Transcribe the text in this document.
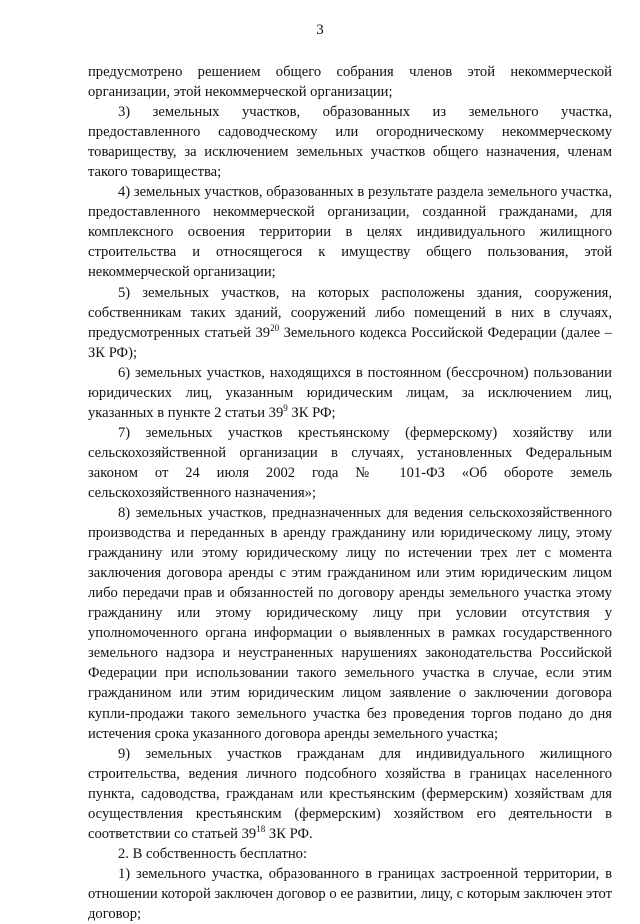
3

предусмотрено решением общего собрания членов этой некоммерческой организации, этой некоммерческой организации;

3) земельных участков, образованных из земельного участка, предоставленного садоводческому или огородническому некоммерческому товариществу, за исключением земельных участков общего назначения, членам такого товарищества;

4) земельных участков, образованных в результате раздела земельного участка, предоставленного некоммерческой организации, созданной гражданами, для комплексного освоения территории в целях индивидуального жилищного строительства и относящегося к имуществу общего пользования, этой некоммерческой организации;

5) земельных участков, на которых расположены здания, сооружения, собственникам таких зданий, сооружений либо помещений в них в случаях, предусмотренных статьей $39^{20}$ Земельного кодекса Российской Федерации (далее – ЗК РФ);

6) земельных участков, находящихся в постоянном (бессрочном) пользовании юридических лиц, указанным юридическим лицам, за исключением лиц, указанных в пункте 2 статьи $39^9$ ЗК РФ;

7) земельных участков крестьянскому (фермерскому) хозяйству или сельскохозяйственной организации в случаях, установленных Федеральным законом от 24 июля 2002 года № 101-ФЗ «Об обороте земель сельскохозяйственного назначения»;

8) земельных участков, предназначенных для ведения сельскохозяйственного производства и переданных в аренду гражданину или юридическому лицу, этому гражданину или этому юридическому лицу по истечении трех лет с момента заключения договора аренды с этим гражданином или этим юридическим лицом либо передачи прав и обязанностей по договору аренды земельного участка этому гражданину или этому юридическому лицу при условии отсутствия у уполномоченного органа информации о выявленных в рамках государственного земельного надзора и неустраненных нарушениях законодательства Российской Федерации при использовании такого земельного участка в случае, если этим гражданином или этим юридическим лицом заявление о заключении договора купли-продажи такого земельного участка без проведения торгов подано до дня истечения срока указанного договора аренды земельного участка;

9) земельных участков гражданам для индивидуального жилищного строительства, ведения личного подсобного хозяйства в границах населенного пункта, садоводства, гражданам или крестьянским (фермерским) хозяйствам для осуществления крестьянским (фермерским) хозяйством его деятельности в соответствии со статьей $39^{18}$ ЗК РФ.

2. В собственность бесплатно:

1) земельного участка, образованного в границах застроенной территории, в отношении которой заключен договор о ее развитии, лицу, с которым заключен этот договор;
